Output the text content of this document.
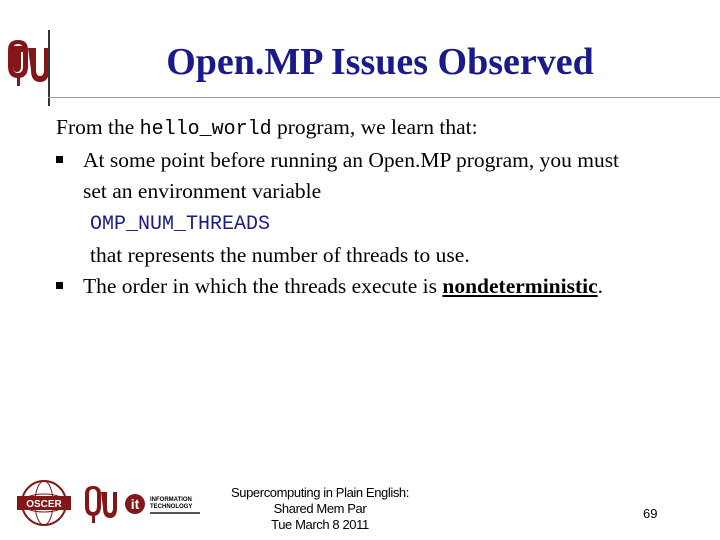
Open.MP Issues Observed
From the hello_world program, we learn that:
At some point before running an Open.MP program, you must
set an environment variable
OMP_NUM_THREADS
that represents the number of threads to use.
The order in which the threads execute is nondeterministic.
OSCER	it INFORMATION
TECHNOLOGY
Supercomputing in Plain English: Shared Mem Par
Tue March 8 2011
69
